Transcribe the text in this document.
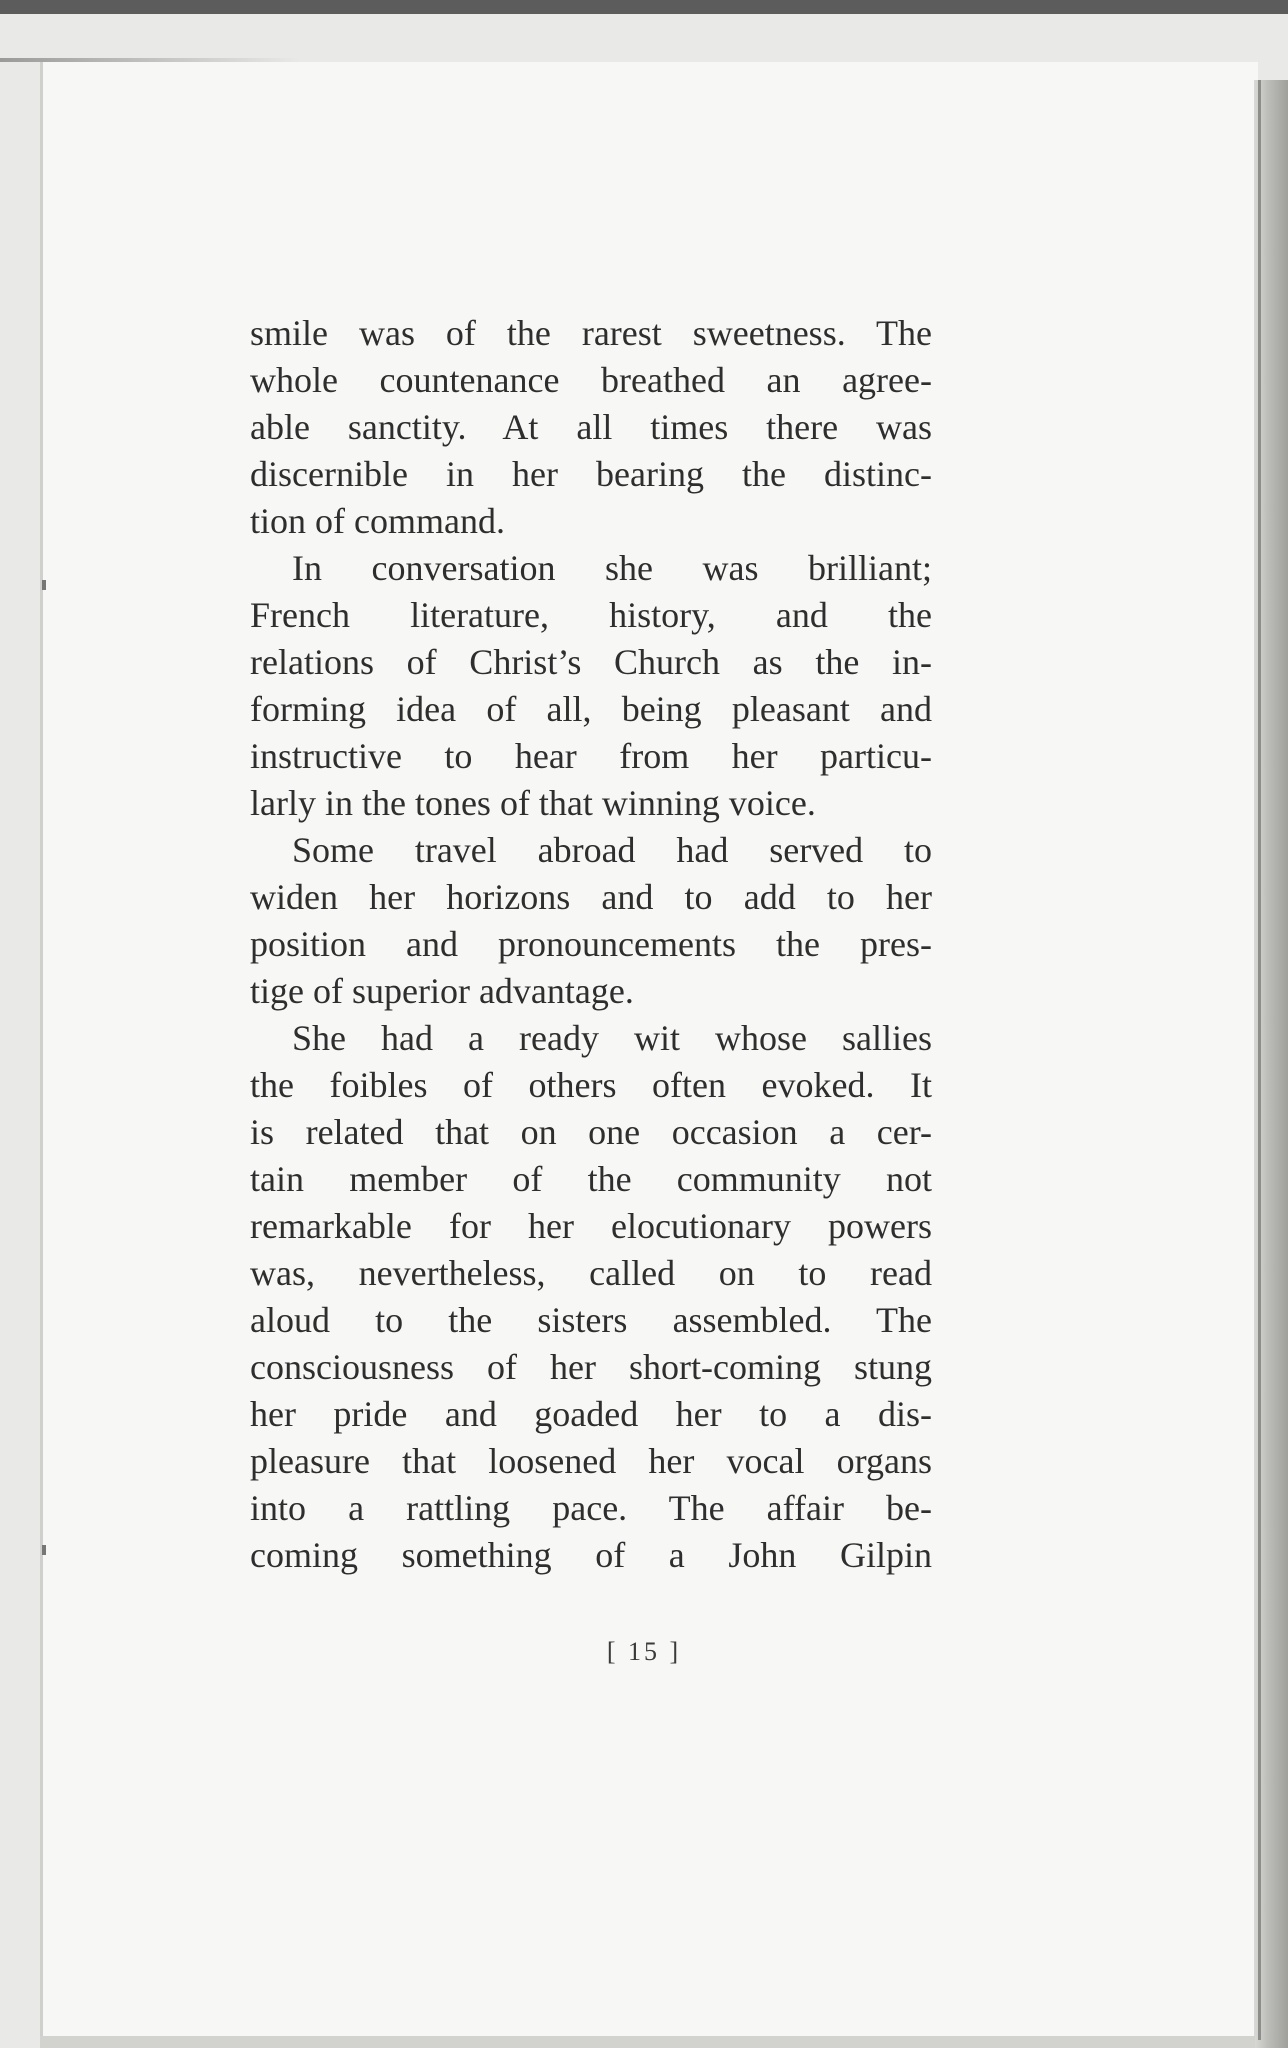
smile was of the rarest sweetness. The
whole countenance breathed an agree-
able sanctity. At all times there was
discernible in her bearing the distinc-
tion of command.
In conversation she was brilliant;
French literature, history, and the
relations of Christ’s Church as the in-
forming idea of all, being pleasant and
instructive to hear from her particu-
larly in the tones of that winning voice.
Some travel abroad had served to
widen her horizons and to add to her
position and pronouncements the pres-
tige of superior advantage.
She had a ready wit whose sallies
the foibles of others often evoked. It
is related that on one occasion a cer-
tain member of the community not
remarkable for her elocutionary powers
was, nevertheless, called on to read
aloud to the sisters assembled. The
consciousness of her short-coming stung
her pride and goaded her to a dis-
pleasure that loosened her vocal organs
into a rattling pace. The affair be-
coming something of a John Gilpin
[ 15 ]
